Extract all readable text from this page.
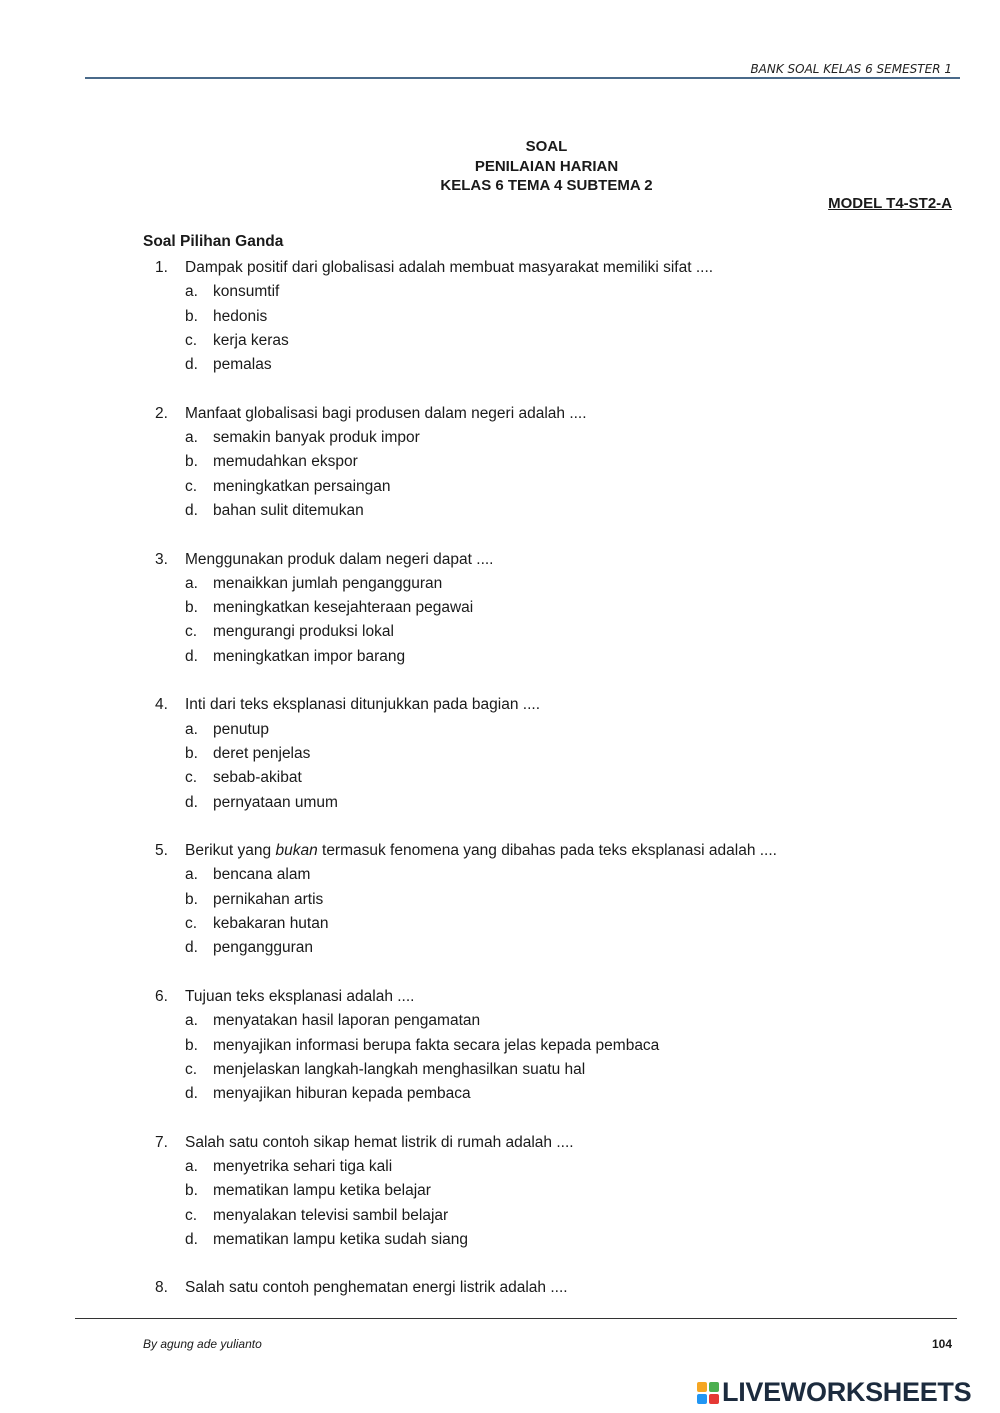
BANK SOAL KELAS 6 SEMESTER 1
SOAL
PENILAIAN HARIAN
KELAS 6 TEMA 4 SUBTEMA 2
MODEL T4-ST2-A
Soal Pilihan Ganda
1.	Dampak positif dari globalisasi adalah membuat masyarakat memiliki sifat ....
a. konsumtif
b. hedonis
c.	kerja keras
d. pemalas
2.	Manfaat globalisasi bagi produsen dalam negeri adalah ....
a. semakin banyak produk impor
b. memudahkan ekspor
c.	meningkatkan persaingan
d. bahan sulit ditemukan
3.	Menggunakan produk dalam negeri dapat ....
a. menaikkan jumlah pengangguran
b. meningkatkan kesejahteraan pegawai
c.	mengurangi produksi lokal
d. meningkatkan impor barang
4.	Inti dari teks eksplanasi ditunjukkan pada bagian ....
a. penutup
b. deret penjelas
c.	sebab-akibat
d. pernyataan umum
5.	Berikut yang bukan termasuk fenomena yang dibahas pada teks eksplanasi adalah ....
a. bencana alam
b. pernikahan artis
c.	kebakaran hutan
d. pengangguran
6.	Tujuan teks eksplanasi adalah ....
a. menyatakan hasil laporan pengamatan
b. menyajikan informasi berupa fakta secara jelas kepada pembaca
c.	menjelaskan langkah-langkah menghasilkan suatu hal
d. menyajikan hiburan kepada pembaca
7.	Salah satu contoh sikap hemat listrik di rumah adalah ....
a. menyetrika sehari tiga kali
b. mematikan lampu ketika belajar
c.	menyalakan televisi sambil belajar
d. mematikan lampu ketika sudah siang
8.	Salah satu contoh penghematan energi listrik adalah ....
By agung ade yulianto	104
LIVEWORKSHEETS
